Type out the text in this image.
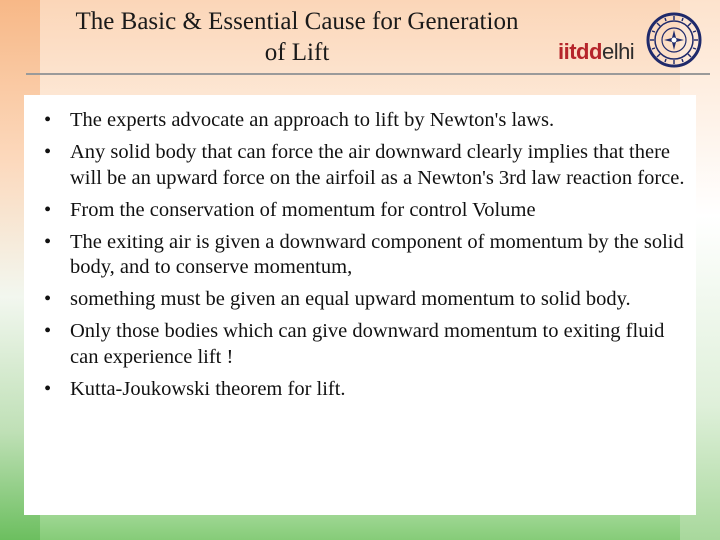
The Basic & Essential Cause for Generation
of Lift	iitddelhi
• The experts advocate an approach to lift by Newton's laws.
• Any solid body that can force the air downward clearly implies that there will be an upward force on the airfoil as a Newton's 3rd law reaction force.
• From the conservation of momentum for control Volume
• The exiting air is given a downward component of momentum by the solid body, and to conserve momentum,
• something must be given an equal upward momentum to solid body.
• Only those bodies which can give downward momentum to exiting fluid can experience lift !
• Kutta-Joukowski theorem for lift.
